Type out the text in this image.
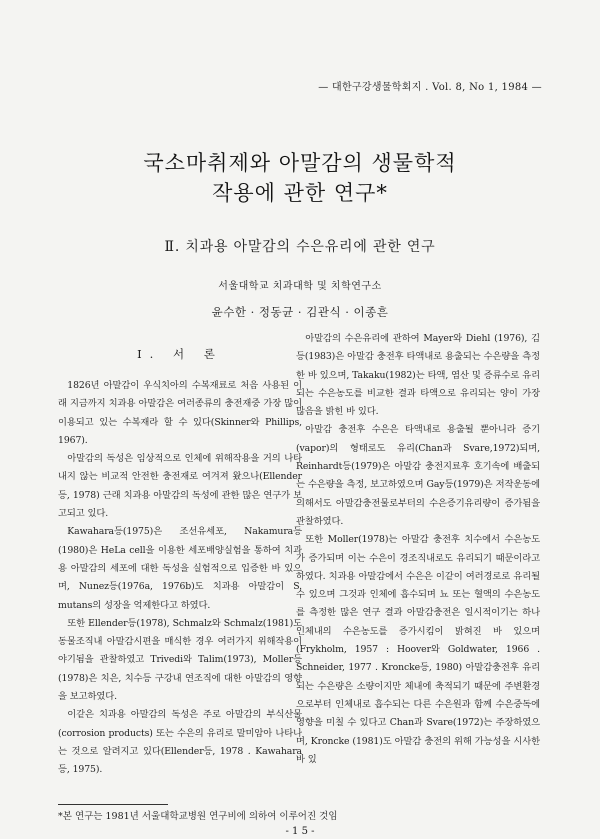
— 대한구강생물학회지 . Vol. 8, No 1, 1984 —
국소마취제와 아말감의 생물학적
작용에 관한 연구*
Ⅱ. 치과용 아말감의 수은유리에 관한 연구
서울대학교 치과대학 및 치학연구소
윤수한 · 정동균 · 김관식 · 이종흔
Ⅰ. 서 론

1826년 아말감이 우식치아의 수복재료로 처음 사용된 이래 지금까지 치과용 아말감은 여러종류의 충전재중 가장 많이 이용되고 있는 수복재라 할 수 있다(Skinner와 Phillips, 1967).

아말감의 독성은 임상적으로 인체에 위해작용을 거의 나타내지 않는 비교적 안전한 충전재로 여겨져 왔으나(Ellender등, 1978) 근래 치과용 아말감의 독성에 관한 많은 연구가 보고되고 있다.

Kawahara등(1975)은 조선유세포, Nakamura등(1980)은 HeLa cell을 이용한 세포배양실험을 통하여 치과용 아말감의 세포에 대한 독성을 실험적으로 입증한 바 있으며, Nunez등(1976a, 1976b)도 치과용 아말감이 S. mutans의 성장을 억제한다고 하였다.

또한 Ellender등(1978), Schmalz와 Schmalz(1981)도 동물조직내 아말감시편을 매식한 경우 여러가지 위해작용이 야기됨을 관찰하였고 Trivedi와 Talim(1973), Moller등(1978)은 치은, 치수등 구강내 연조직에 대한 아말감의 영향을 보고하였다.

이같은 치과용 아말감의 독성은 주로 아말감의 부식산물(corrosion products) 또는 수은의 유리로 말미암아 나타나는 것으로 알려지고 있다(Ellender등, 1978 . Kawahara등, 1975).

아말감의 수은유리에 관하여 Mayer와 Diehl (1976), 김등(1983)은 아말감 충전후 타액내로 용출되는 수은량을 측정한 바 있으며, Takaku(1982)는 타액, 염산 및 증류수로 유리되는 수은농도를 비교한 결과 타액으로 유리되는 양이 가장 많음을 밝힌 바 있다.

아말감 충전후 수은은 타액내로 용출될 뿐아니라 증기(vapor)의 형태로도 유리(Chan과 Svare,1972)되며, Reinhardt등(1979)은 아말감 충전지료후 호기속에 배출되는 수은량을 측정, 보고하였으며 Gay등(1979)은 저작운동에 의해서도 아말감충전물로부터의 수은증기유리량이 증가됨을 관찰하였다.

또한 Moller(1978)는 아말감 충전후 치수에서 수은농도가 증가되며 이는 수은이 경조직내로도 유리되기 때문이라고 하였다. 치과용 아말감에서 수은은 이같이 여러경로로 유리될 수 있으며 그것과 인체에 흡수되며 뇨 또는 혈액의 수은농도를 측정한 많은 연구 결과 아말감충전은 일시적이기는 하나 인체내의 수은농도를 증가시킴이 밝혀진 바 있으며(Frykholm, 1957 : Hoover와 Goldwater, 1966 . Schneider, 1977 . Kroncke등, 1980) 아말감충전후 유리되는 수은량은 소량이지만 체내에 축적되기 때문에 주변환경으로부터 인체내로 흡수되는 다른 수은원과 함께 수은중독에 영향을 미칠 수 있다고 Chan과 Svare(1972)는 주장하였으며, Kroncke (1981)도 아말감 충전의 위해 가능성을 시사한 바 있

*본 연구는 1981년 서울대학교병원 연구비에 의하여 이루어진 것임
- 1 5 -
